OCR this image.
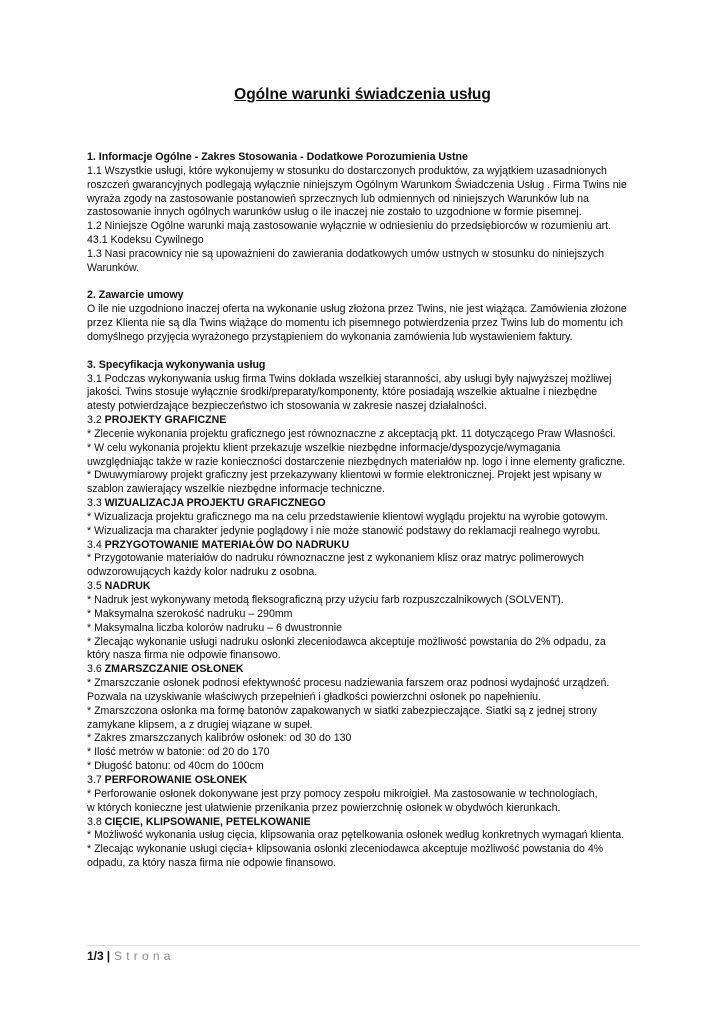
Ogólne warunki świadczenia usług

1. Informacje Ogólne - Zakres Stosowania - Dodatkowe Porozumienia Ustne

1.1 Wszystkie usługi, które wykonujemy w stosunku do dostarczonych produktów, za wyjątkiem uzasadnionych

roszczeń gwarancyjnych podlegają wyłącznie niniejszym Ogólnym Warunkom Świadczenia Usług . Firma Twins nie

wyraża zgody na zastosowanie postanowień sprzecznych lub odmiennych od niniejszych Warunków lub na

zastosowanie innych ogólnych warunków usług o ile inaczej nie zostało to uzgodnione w formie pisemnej.

1.2 Niniejsze Ogólne warunki mają zastosowanie wyłącznie w odniesieniu do przedsiębiorców w rozumieniu art.

43.1 Kodeksu Cywilnego

1.3 Nasi pracownicy nie są upoważnieni do zawierania dodatkowych umów ustnych w stosunku do niniejszych

Warunków.

2. Zawarcie umowy

O ile nie uzgodniono inaczej oferta na wykonanie usług złożona przez Twins, nie jest wiążąca. Zamówienia złożone

przez Klienta nie są dla Twins wiążące do momentu ich pisemnego potwierdzenia przez Twins lub do momentu ich

domyślnego przyjęcia wyrażonego przystąpieniem do wykonania zamówienia lub wystawieniem faktury.

3. Specyfikacja wykonywania usług

3.1 Podczas wykonywania usług firma Twins dokłada wszelkiej staranności, aby usługi były najwyższej możliwej

jakości. Twins stosuje wyłącznie środki/preparaty/komponenty, które posiadają wszelkie aktualne i niezbędne

atesty potwierdzające bezpieczeństwo ich stosowania w zakresie naszej działalności.

3.2 PROJEKTY GRAFICZNE

* Zlecenie wykonania projektu graficznego jest równoznaczne z akceptacją pkt. 11 dotyczącego Praw Własności.

* W celu wykonania projektu klient przekazuje wszelkie niezbędne informacje/dyspozycje/wymagania

uwzględniając także w razie konieczności dostarczenie niezbędnych materiałów np. logo i inne elementy graficzne.

* Dwuwymiarowy projekt graficzny jest przekazywany klientowi w formie elektronicznej. Projekt jest wpisany w

szablon zawierający wszelkie niezbędne informacje techniczne.

3.3 WIZUALIZACJA PROJEKTU GRAFICZNEGO

* Wizualizacja projektu graficznego ma na celu przedstawienie klientowi wyglądu projektu na wyrobie gotowym.

* Wizualizacja ma charakter jedynie poglądowy i nie może stanowić podstawy do reklamacji realnego wyrobu.

3.4 PRZYGOTOWANIE MATERIAŁÓW DO NADRUKU

* Przygotowanie materiałów do nadruku równoznaczne jest z wykonaniem klisz oraz matryc polimerowych

odwzorowujących każdy kolor nadruku z osobna.

3.5 NADRUK

* Nadruk jest wykonywany metodą fleksograficzną przy użyciu farb rozpuszczalnikowych (SOLVENT).

* Maksymalna szerokość nadruku – 290mm

* Maksymalna liczba kolorów nadruku – 6 dwustronnie

* Zlecając wykonanie usługi nadruku osłonki zleceniodawca akceptuje możliwość powstania do 2% odpadu, za

który nasza firma nie odpowie finansowo.

3.6 ZMARSZCZANIE OSŁONEK

* Zmarszczanie osłonek podnosi efektywność procesu nadziewania farszem oraz podnosi wydajność urządzeń.

Pozwala na uzyskiwanie właściwych przepełnień i gładkości powierzchni osłonek po napełnieniu.

* Zmarszczona osłonka ma formę batonów zapakowanych w siatki zabezpieczające. Siatki są z jednej strony

zamykane klipsem, a z drugiej wiązane w supeł.

* Zakres zmarszczanych kalibrów osłonek: od 30 do 130

* Ilość metrów w batonie: od 20 do 170

* Długość batonu: od 40cm do 100cm

3.7 PERFOROWANIE OSŁONEK

* Perforowanie osłonek dokonywane jest przy pomocy zespołu mikroigieł. Ma zastosowanie w technologiach,

w których konieczne jest ułatwienie przenikania przez powierzchnię osłonek w obydwóch kierunkach.

3.8 CIĘCIE, KLIPSOWANIE, PETELKOWANIE

* Możliwość wykonania usług cięcia, klipsowania oraz pętelkowania osłonek według konkretnych wymagań klienta.

* Zlecając wykonanie usługi cięcia+ klipsowania osłonki zleceniodawca akceptuje możliwość powstania do 4%

odpadu, za który nasza firma nie odpowie finansowo.

1/3 | Strona
